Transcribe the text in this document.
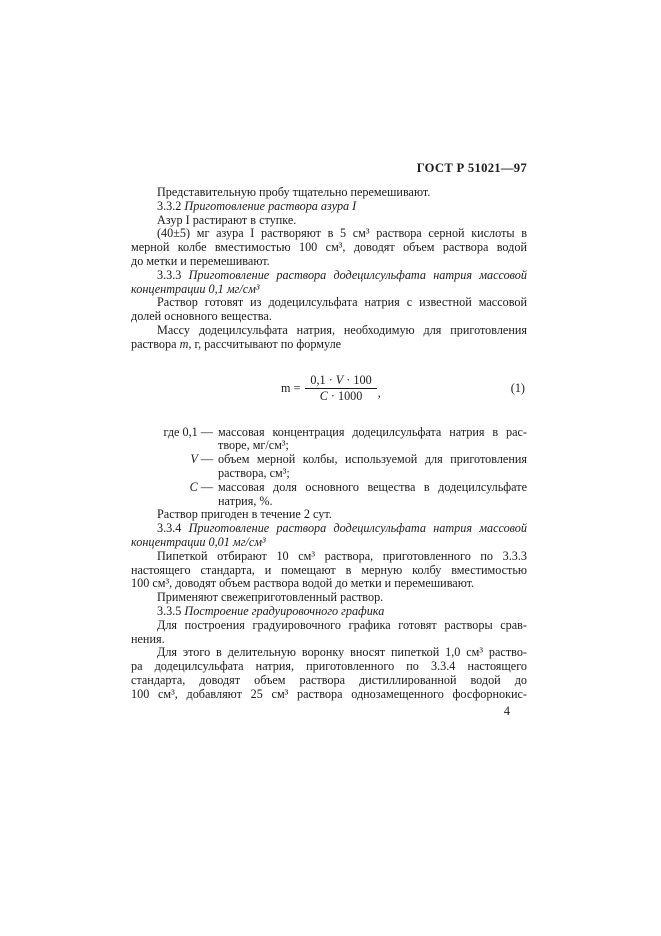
ГОСТ Р 51021—97
Представительную пробу тщательно перемешивают.
3.3.2 Приготовление раствора азура I
Азур I растирают в ступке.
(40±5) мг азура I растворяют в 5 см³ раствора серной кислоты в
мерной колбе вместимостью 100 см³, доводят объем раствора водой
до метки и перемешивают.
3.3.3 Приготовление раствора додецилсульфата натрия массовой
концентрации 0,1 мг/см³
Раствор готовят из додецилсульфата натрия с известной массовой
долей основного вещества.
Массу додецилсульфата натрия, необходимую для приготовления
раствора m, г, рассчитывают по формуле
$m = \frac{0,1 \cdot V \cdot 100}{C \cdot 1000}$ ,	(1)
где 0,1 — массовая концентрация додецилсульфата натрия в рас-
творе, мг/см³;
V — объем мерной колбы, используемой для приготовления
раствора, см³;
C — массовая доля основного вещества в додецилсульфате
натрия, %.
Раствор пригоден в течение 2 сут.
3.3.4 Приготовление раствора додецилсульфата натрия массовой
концентрации 0,01 мг/см³
Пипеткой отбирают 10 см³ раствора, приготовленного по 3.3.3
настоящего стандарта, и помещают в мерную колбу вместимостью
100 см³, доводят объем раствора водой до метки и перемешивают.
Применяют свежеприготовленный раствор.
3.3.5 Построение градуировочного графика
Для построения градуировочного графика готовят растворы срав-
нения.
Для этого в делительную воронку вносят пипеткой 1,0 см³ раство-
ра додецилсульфата натрия, приготовленного по 3.3.4 настоящего
стандарта, доводят объем раствора дистиллированной водой до
100 см³, добавляют 25 см³ раствора однозамещенного фосфорнокис-
4
